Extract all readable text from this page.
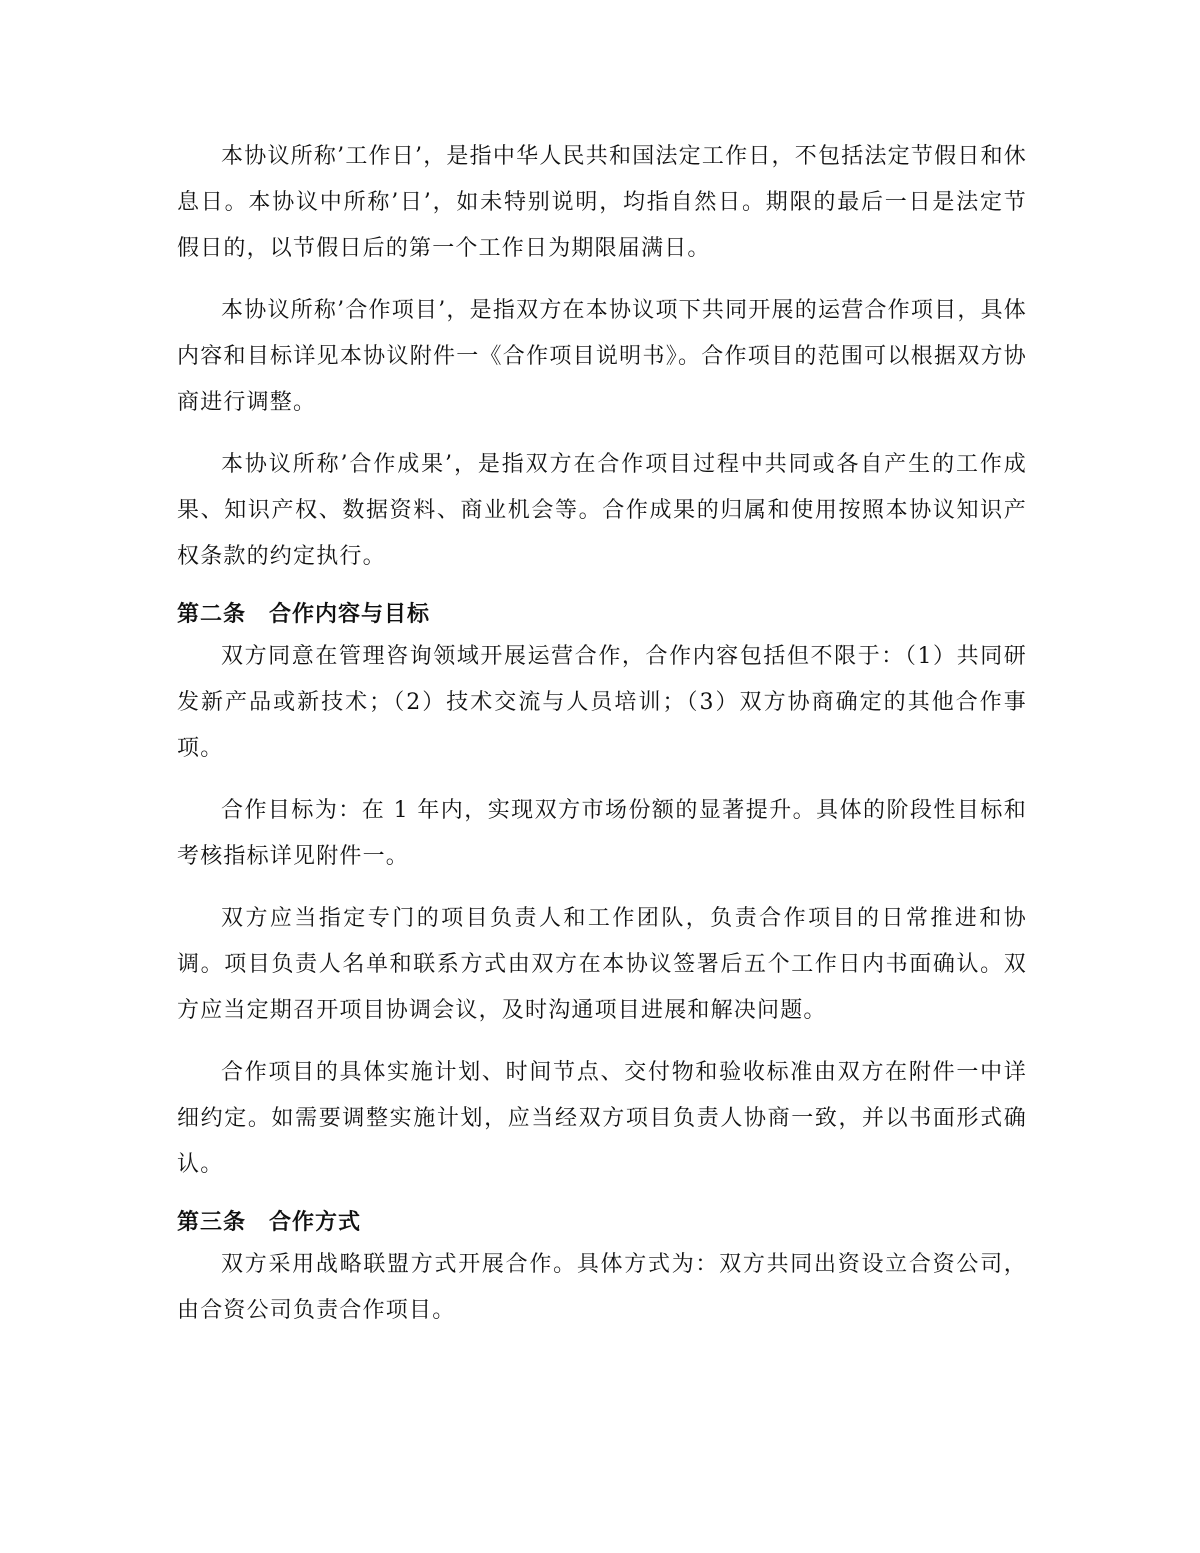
本协议所称’工作日’，是指中华人民共和国法定工作日，不包括法定节假日和休息日。本协议中所称’日’，如未特别说明，均指自然日。期限的最后一日是法定节假日的，以节假日后的第一个工作日为期限届满日。

本协议所称’合作项目’，是指双方在本协议项下共同开展的运营合作项目，具体内容和目标详见本协议附件一《合作项目说明书》。合作项目的范围可以根据双方协商进行调整。

本协议所称’合作成果’，是指双方在合作项目过程中共同或各自产生的工作成果、知识产权、数据资料、商业机会等。合作成果的归属和使用按照本协议知识产权条款的约定执行。

第二条　合作内容与目标

双方同意在管理咨询领域开展运营合作，合作内容包括但不限于：（1）共同研发新产品或新技术；（2）技术交流与人员培训；（3）双方协商确定的其他合作事项。

合作目标为：在 1 年内，实现双方市场份额的显著提升。具体的阶段性目标和考核指标详见附件一。

双方应当指定专门的项目负责人和工作团队，负责合作项目的日常推进和协调。项目负责人名单和联系方式由双方在本协议签署后五个工作日内书面确认。双方应当定期召开项目协调会议，及时沟通项目进展和解决问题。

合作项目的具体实施计划、时间节点、交付物和验收标准由双方在附件一中详细约定。如需要调整实施计划，应当经双方项目负责人协商一致，并以书面形式确认。

第三条　合作方式

双方采用战略联盟方式开展合作。具体方式为：双方共同出资设立合资公司，由合资公司负责合作项目。
